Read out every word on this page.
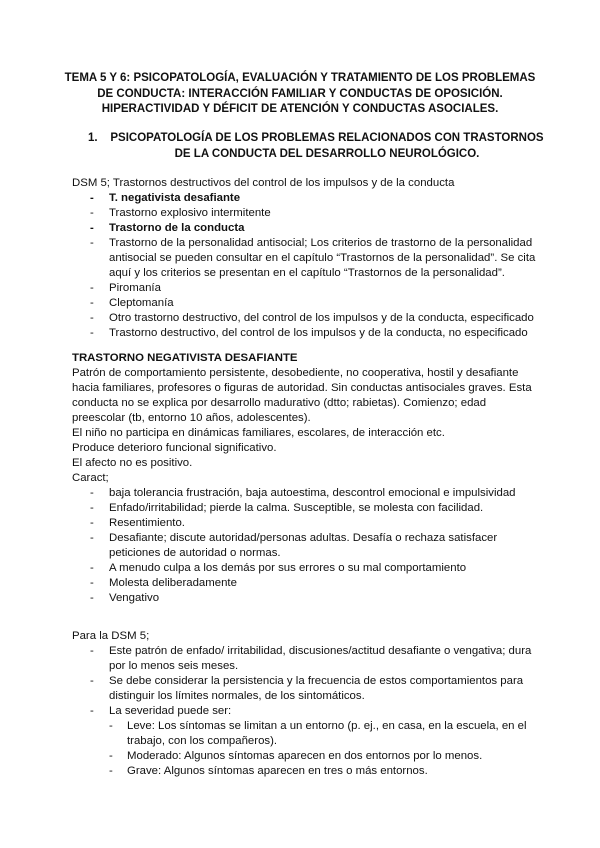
TEMA 5 Y 6: PSICOPATOLOGÍA, EVALUACIÓN Y TRATAMIENTO DE LOS PROBLEMAS DE CONDUCTA: INTERACCIÓN FAMILIAR Y CONDUCTAS DE OPOSICIÓN. HIPERACTIVIDAD Y DÉFICIT DE ATENCIÓN Y CONDUCTAS ASOCIALES.
1.	PSICOPATOLOGÍA DE LOS PROBLEMAS RELACIONADOS CON TRASTORNOS DE LA CONDUCTA DEL DESARROLLO NEUROLÓGICO.

DSM 5; Trastornos destructivos del control de los impulsos y de la conducta

- T. negativista desafiante
- Trastorno explosivo intermitente
- Trastorno de la conducta
- Trastorno de la personalidad antisocial; Los criterios de trastorno de la personalidad antisocial se pueden consultar en el capítulo “Trastornos de la personalidad”. Se cita aquí y los criterios se presentan en el capítulo “Trastornos de la personalidad”.
- Piromanía
- Cleptomanía
- Otro trastorno destructivo, del control de los impulsos y de la conducta, especificado
- Trastorno destructivo, del control de los impulsos y de la conducta, no especificado

TRASTORNO NEGATIVISTA DESAFIANTE

Patrón de comportamiento persistente, desobediente, no cooperativa, hostil y desafiante hacia familiares, profesores o figuras de autoridad. Sin conductas antisociales graves. Esta conducta no se explica por desarrollo madurativo (dtto; rabietas). Comienzo; edad preescolar (tb, entorno 10 años, adolescentes).

El niño no participa en dinámicas familiares, escolares, de interacción etc.

Produce deterioro funcional significativo.

El afecto no es positivo.

Caract;

- baja tolerancia frustración, baja autoestima, descontrol emocional e impulsividad
- Enfado/irritabilidad; pierde la calma. Susceptible, se molesta con facilidad.
- Resentimiento.
- Desafiante; discute autoridad/personas adultas. Desafía o rechaza satisfacer peticiones de autoridad o normas.
- A menudo culpa a los demás por sus errores o su mal comportamiento
- Molesta deliberadamente
- Vengativo

Para la DSM 5;

- Este patrón de enfado/ irritabilidad, discusiones/actitud desafiante o vengativa; dura por lo menos seis meses.
- Se debe considerar la persistencia y la frecuencia de estos comportamientos para distinguir los límites normales, de los sintomáticos.
- La severidad puede ser:
- Leve: Los síntomas se limitan a un entorno (p. ej., en casa, en la escuela, en el trabajo, con los compañeros).
- Moderado: Algunos síntomas aparecen en dos entornos por lo menos.
- Grave: Algunos síntomas aparecen en tres o más entornos.
